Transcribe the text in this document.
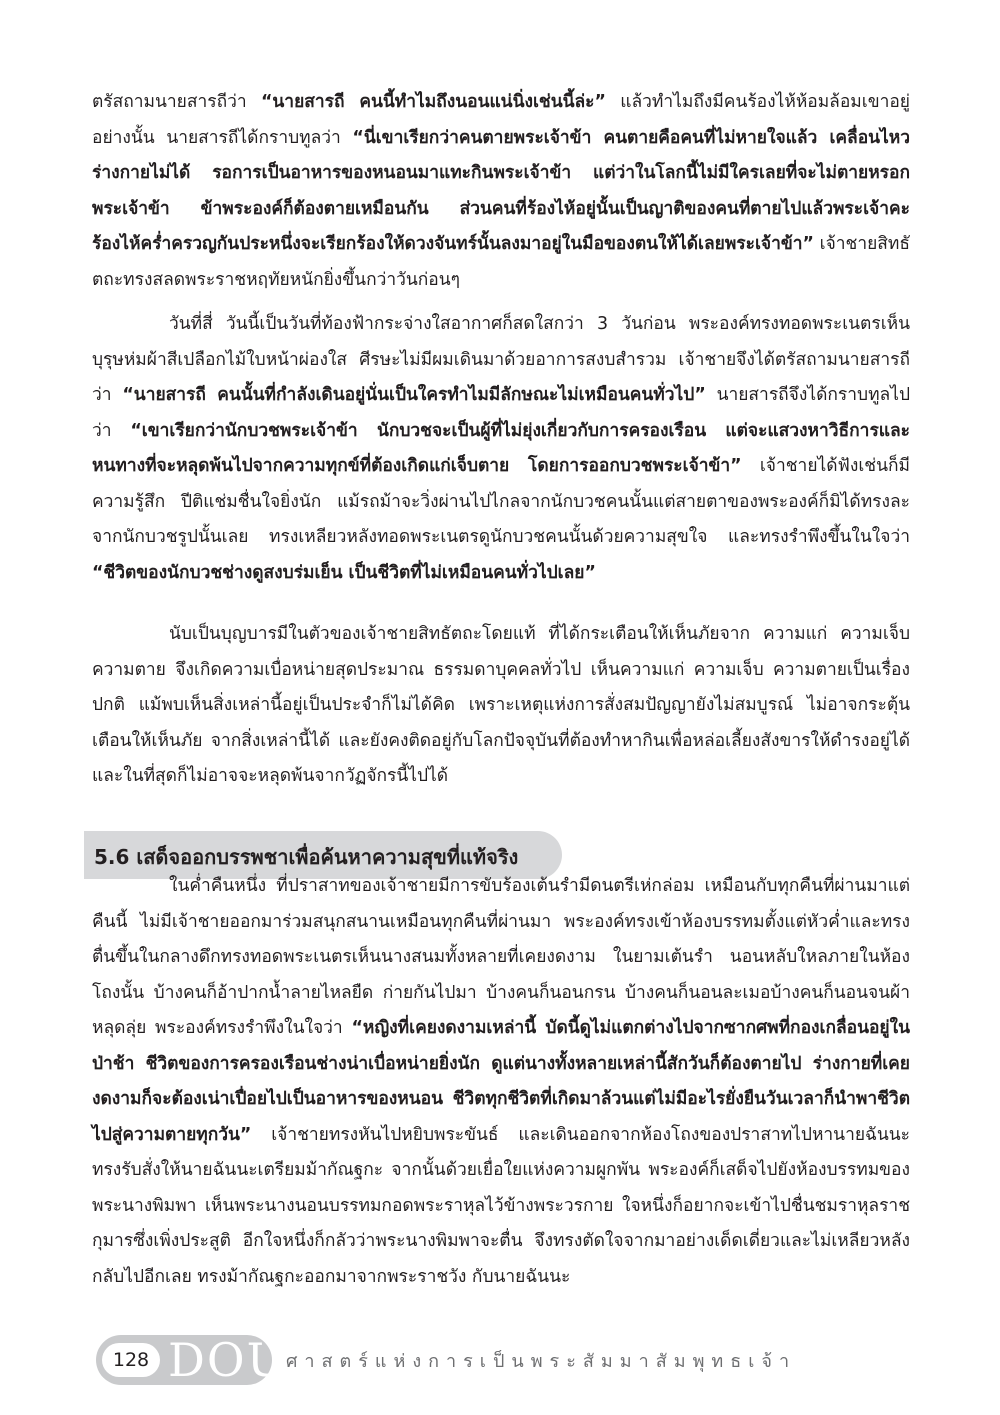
ตรัสถามนายสารถีว่า “นายสารถี คนนี้ทำไมถึงนอนแน่นิ่งเช่นนี้ล่ะ” แล้วทำไมถึงมีคนร้องไห้ห้อมล้อมเขาอยู่อย่างนั้น นายสารถีได้กราบทูลว่า “นี่เขาเรียกว่าคนตายพระเจ้าข้า คนตายคือคนที่ไม่หายใจแล้ว เคลื่อนไหวร่างกายไม่ได้ รอการเป็นอาหารของหนอนมาแทะกินพระเจ้าข้า แต่ว่าในโลกนี้ไม่มีใครเลยที่จะไม่ตายหรอกพระเจ้าข้า ข้าพระองค์ก็ต้องตายเหมือนกัน ส่วนคนที่ร้องไห้อยู่นั้นเป็นญาติของคนที่ตายไปแล้วพระเจ้าคะ ร้องไห้คร่ำครวญกันประหนึ่งจะเรียกร้องให้ดวงจันทร์นั้นลงมาอยู่ในมือของตนให้ได้เลยพระเจ้าข้า” เจ้าชายสิทธัตถะทรงสลดพระราชหฤทัยหนักยิ่งขึ้นกว่าวันก่อนๆ

วันที่สี่ วันนี้เป็นวันที่ท้องฟ้ากระจ่างใสอากาศก็สดใสกว่า 3 วันก่อน พระองค์ทรงทอดพระเนตรเห็นบุรุษห่มผ้าสีเปลือกไม้ใบหน้าผ่องใส ศีรษะไม่มีผมเดินมาด้วยอาการสงบสำรวม เจ้าชายจึงได้ตรัสถามนายสารถีว่า “นายสารถี คนนั้นที่กำลังเดินอยู่นั่นเป็นใครทำไมมีลักษณะไม่เหมือนคนทั่วไป” นายสารถีจึงได้กราบทูลไปว่า “เขาเรียกว่านักบวชพระเจ้าข้า นักบวชจะเป็นผู้ที่ไม่ยุ่งเกี่ยวกับการครองเรือน แต่จะแสวงหาวิธีการและหนทางที่จะหลุดพ้นไปจากความทุกข์ที่ต้องเกิดแก่เจ็บตาย โดยการออกบวชพระเจ้าข้า” เจ้าชายได้ฟังเช่นก็มีความรู้สึก ปีติแช่มชื่นใจยิ่งนัก แม้รถม้าจะวิ่งผ่านไปไกลจากนักบวชคนนั้นแต่สายตาของพระองค์ก็มิได้ทรงละจากนักบวชรูปนั้นเลย ทรงเหลียวหลังทอดพระเนตรดูนักบวชคนนั้นด้วยความสุขใจ และทรงรำพึงขึ้นในใจว่า “ชีวิตของนักบวชช่างดูสงบร่มเย็น เป็นชีวิตที่ไม่เหมือนคนทั่วไปเลย”

นับเป็นบุญบารมีในตัวของเจ้าชายสิทธัตถะโดยแท้ ที่ได้กระเตือนให้เห็นภัยจาก ความแก่ ความเจ็บ ความตาย จึงเกิดความเบื่อหน่ายสุดประมาณ ธรรมดาบุคคลทั่วไป เห็นความแก่ ความเจ็บ ความตายเป็นเรื่องปกติ แม้พบเห็นสิ่งเหล่านี้อยู่เป็นประจำก็ไม่ได้คิด เพราะเหตุแห่งการสั่งสมปัญญายังไม่สมบูรณ์ ไม่อาจกระตุ้นเตือนให้เห็นภัย จากสิ่งเหล่านี้ได้ และยังคงติดอยู่กับโลกปัจจุบันที่ต้องทำหากินเพื่อหล่อเลี้ยงสังขารให้ดำรงอยู่ได้ และในที่สุดก็ไม่อาจจะหลุดพ้นจากวัฏจักรนี้ไปได้

5.6 เสด็จออกบรรพชาเพื่อค้นหาความสุขที่แท้จริง

ในค่ำคืนหนึ่ง ที่ปราสาทของเจ้าชายมีการขับร้องเต้นรำมีดนตรีเห่กล่อม เหมือนกับทุกคืนที่ผ่านมาแต่คืนนี้ ไม่มีเจ้าชายออกมาร่วมสนุกสนานเหมือนทุกคืนที่ผ่านมา พระองค์ทรงเข้าห้องบรรทมตั้งแต่หัวค่ำและทรงตื่นขึ้นในกลางดึกทรงทอดพระเนตรเห็นนางสนมทั้งหลายที่เคยงดงาม ในยามเต้นรำ นอนหลับใหลภายในห้องโถงนั้น บ้างคนก็อ้าปากน้ำลายไหลยืด ก่ายกันไปมา บ้างคนก็นอนกรน บ้างคนก็นอนละเมอบ้างคนก็นอนจนผ้าหลุดลุ่ย พระองค์ทรงรำพึงในใจว่า “หญิงที่เคยงดงามเหล่านี้ บัดนี้ดูไม่แตกต่างไปจากซากศพที่กองเกลื่อนอยู่ในป่าช้า ชีวิตของการครองเรือนช่างน่าเบื่อหน่ายยิ่งนัก ดูแต่นางทั้งหลายเหล่านี้สักวันก็ต้องตายไป ร่างกายที่เคยงดงามก็จะต้องเน่าเปื่อยไปเป็นอาหารของหนอน ชีวิตทุกชีวิตที่เกิดมาล้วนแต่ไม่มีอะไรยั่งยืนวันเวลาก็นำพาชีวิตไปสู่ความตายทุกวัน” เจ้าชายทรงหันไปหยิบพระขันธ์ และเดินออกจากห้องโถงของปราสาทไปหานายฉันนะ ทรงรับสั่งให้นายฉันนะเตรียมม้ากัณฐกะ จากนั้นด้วยเยื่อใยแห่งความผูกพัน พระองค์ก็เสด็จไปยังห้องบรรทมของพระนางพิมพา เห็นพระนางนอนบรรทมกอดพระราหุลไว้ข้างพระวรกาย ใจหนึ่งก็อยากจะเข้าไปชื่นชมราหุลราชกุมารซึ่งเพิ่งประสูติ อีกใจหนึ่งก็กลัวว่าพระนางพิมพาจะตื่น จึงทรงตัดใจจากมาอย่างเด็ดเดี่ยวและไม่เหลียวหลังกลับไปอีกเลย ทรงม้ากัณฐกะออกมาจากพระราชวัง กับนายฉันนะ

128 DOU
ศาสตร์แห่งการเป็นพระสัมมาสัมพุทธเจ้า
